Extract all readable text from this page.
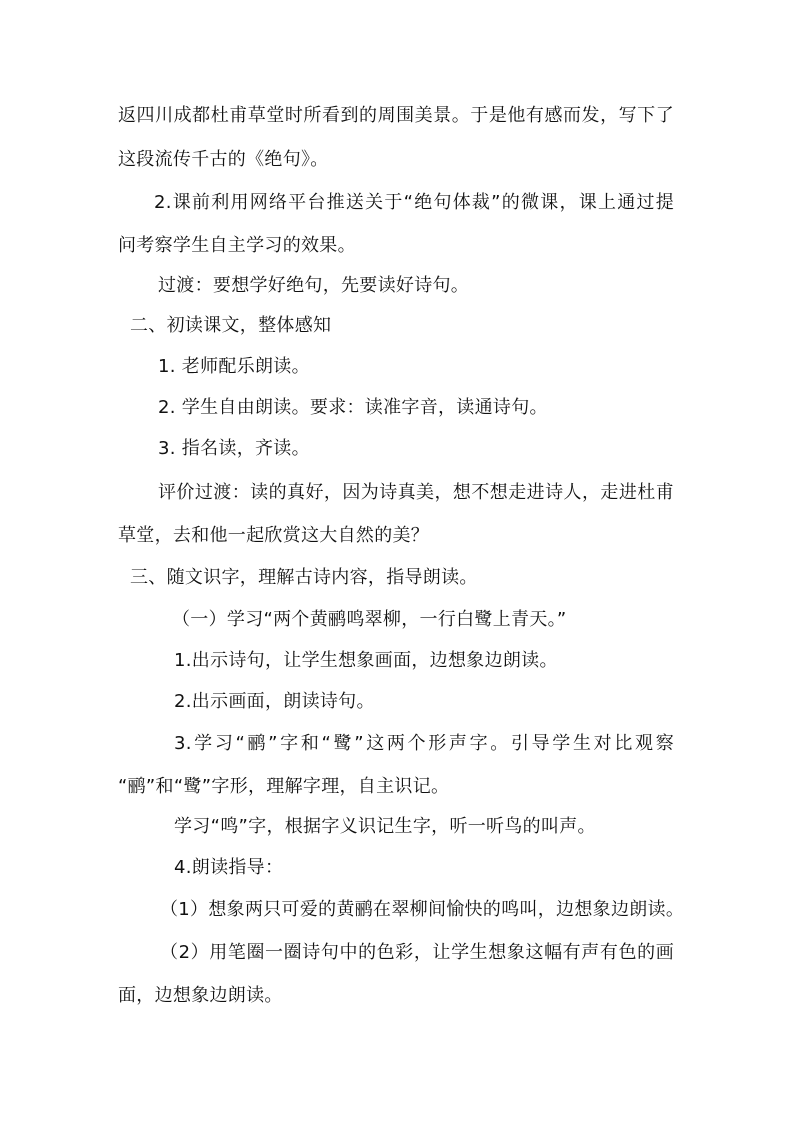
返四川成都杜甫草堂时所看到的周围美景。于是他有感而发，写下了
这段流传千古的《绝句》。
2.课前利用网络平台推送关于“绝句体裁”的微课，课上通过提
问考察学生自主学习的效果。
过渡：要想学好绝句，先要读好诗句。
二、初读课文，整体感知
1. 老师配乐朗读。
2. 学生自由朗读。要求：读准字音，读通诗句。
3. 指名读，齐读。
评价过渡：读的真好，因为诗真美，想不想走进诗人，走进杜甫
草堂，去和他一起欣赏这大自然的美？
三、随文识字，理解古诗内容，指导朗读。
（一）学习“两个黄鹂鸣翠柳，一行白鹭上青天。”
1.出示诗句，让学生想象画面，边想象边朗读。
2.出示画面，朗读诗句。
3.学习“鹂”字和“鹭”这两个形声字。引导学生对比观察
“鹂”和“鹭”字形，理解字理，自主识记。
学习“鸣”字，根据字义识记生字，听一听鸟的叫声。
4.朗读指导：
（1）想象两只可爱的黄鹂在翠柳间愉快的鸣叫，边想象边朗读。
（2）用笔圈一圈诗句中的色彩，让学生想象这幅有声有色的画
面，边想象边朗读。
